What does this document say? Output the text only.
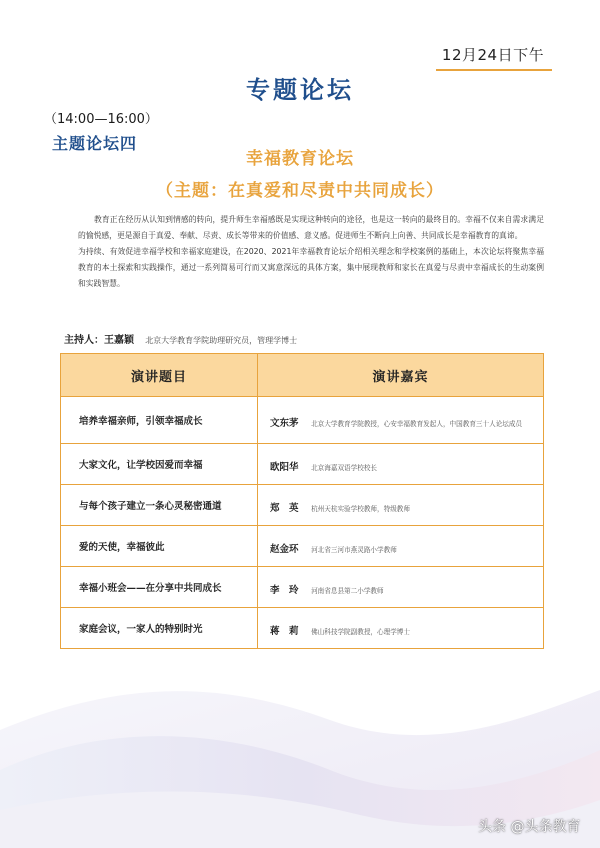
12月24日下午
专题论坛
（14:00—16:00）
主题论坛四
幸福教育论坛
（主题：在真爱和尽责中共同成长）

教育正在经历从认知到情感的转向，提升师生幸福感既是实现这种转向的途径，也是这一转向的最终目的。幸福不仅来自需求满足的愉悦感，更是源自于真爱、奉献、尽责、成长等带来的价值感、意义感。促进师生不断向上向善、共同成长是幸福教育的真谛。

为持续、有效促进幸福学校和幸福家庭建设，在2020、2021年幸福教育论坛介绍相关理念和学校案例的基础上，本次论坛将聚焦幸福教育的本土探索和实践操作，通过一系列简易可行而又寓意深远的具体方案，集中展现教师和家长在真爱与尽责中幸福成长的生动案例和实践智慧。

主持人：王嘉颖 北京大学教育学院助理研究员，管理学博士
演讲题目	演讲嘉宾
培养幸福亲师，引领幸福成长	文东茅 北京大学教育学院教授，心安幸福教育发起人，中国教育三十人论坛成员
大家文化，让学校因爱而幸福	欧阳华 北京海嘉双语学校校长
与每个孩子建立一条心灵秘密通道	郑　英 杭州天杭实验学校教师，特级教师
爱的天使，幸福彼此	赵金环 河北省三河市燕灵路小学教师
幸福小班会——在分享中共同成长	李　玲 河南省息县第二小学教师
家庭会议，一家人的特别时光	蒋　莉 佛山科技学院副教授，心理学博士
头条 @头条教育
